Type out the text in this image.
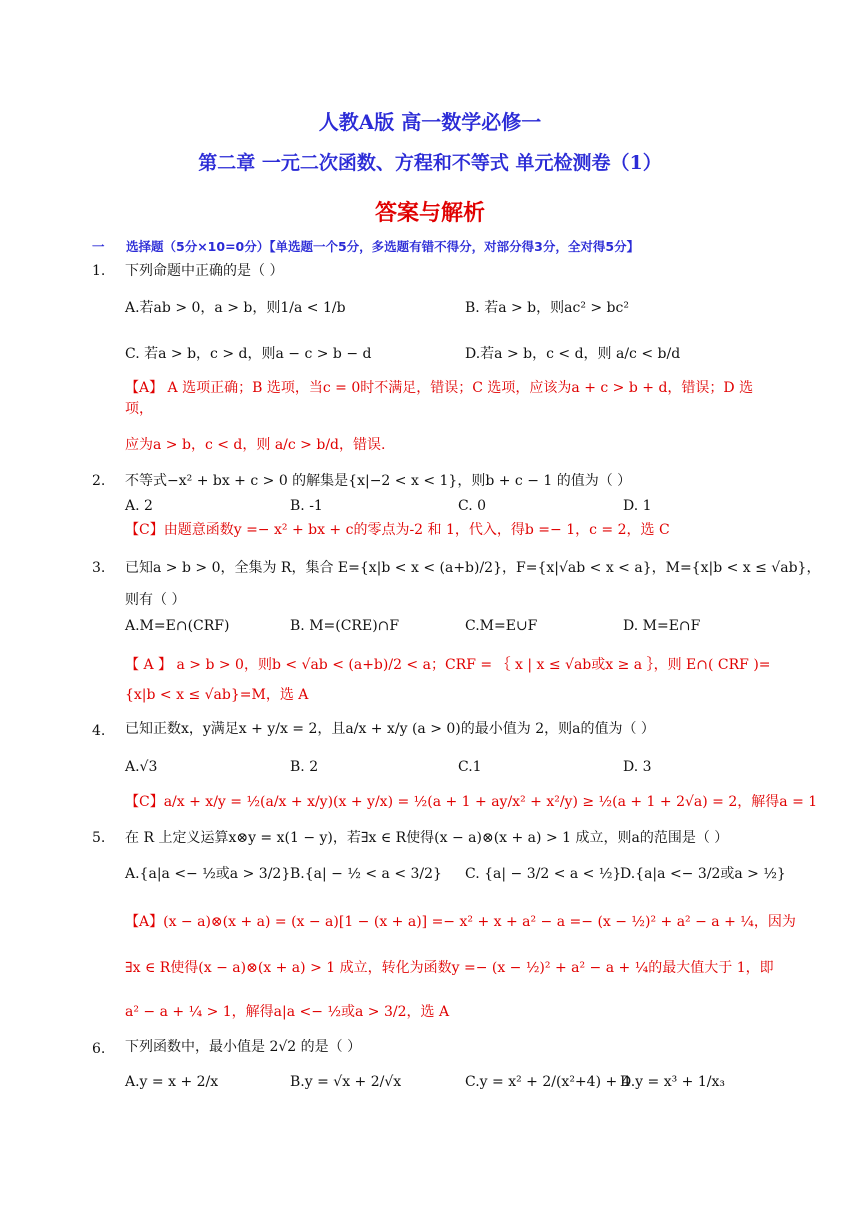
人教A版 高一数学必修一
第二章 一元二次函数、方程和不等式 单元检测卷（1）
答案与解析
一 选择题（5分×10=0分）【单选题一个5分，多选题有错不得分，对部分得3分，全对得5分】
1. 下列命题中正确的是（ ）
A.若ab > 0，a > b，则1/a < 1/b	B. 若a > b，则ac² > bc²
C. 若a > b，c > d，则a − c > b − d	D.若a > b，c < d，则 a/c < b/d
【A】 A 选项正确；B 选项，当c = 0时不满足，错误；C 选项，应该为a + c > b + d，错误；D 选
项，
应为a > b，c < d，则 a/c > b/d，错误.
2. 不等式−x² + bx + c > 0 的解集是{x|−2 < x < 1}，则b + c − 1 的值为（ ）
A. 2	B. -1	C. 0	D. 1
【C】由题意函数y =− x² + bx + c的零点为-2 和 1，代入，得b =− 1，c = 2，选 C
3. 已知a > b > 0，全集为 R，集合 E={x|b < x < (a+b)/2}，F={x|√ab < x < a}，M={x|b < x ≤ √ab}，
则有（ ）
A.M=E∩(CRF)	B. M=(CRE)∩F	C.M=E∪F	D. M=E∩F
【 A 】 a > b > 0，则b < √ab < (a+b)/2 < a；CRF = ｛ x | x ≤ √ab或x ≥ a ｝，则 E∩( CRF )=
{x|b < x ≤ √ab}=M，选 A
4. 已知正数x，y满足x + y/x = 2，且a/x + x/y (a > 0)的最小值为 2，则a的值为（ ）
A.√3	B. 2	C.1	D. 3
【C】a/x + x/y = ½(a/x + x/y)(x + y/x) = ½(a + 1 + ay/x² + x²/y) ≥ ½(a + 1 + 2√a) = 2，解得a = 1
5. 在 R 上定义运算x⊗y = x(1 − y)，若∃x ∈ R使得(x − a)⊗(x + a) > 1 成立，则a的范围是（ ）
A.{a|a <− ½或a > 3/2} B.{a| − ½ < a < 3/2} C. {a| − 3/2 < a < ½}
D.{a|a <− 3/2或a > ½}
【A】(x − a)⊗(x + a) = (x − a)[1 − (x + a)] =− x² + x + a² − a =− (x − ½)² + a² − a + ¼，因为
∃x ∈ R使得(x − a)⊗(x + a) > 1 成立，转化为函数y =− (x − ½)² + a² − a + ¼的最大值大于 1，即
a² − a + ¼ > 1，解得a|a <− ½或a > 3/2，选 A
6. 下列函数中，最小值是 2√2 的是（ ）
A.y = x + 2/x	B.y = √x + 2/√x	C.y = x² + 2/(x²+4) + 4
D.y = x³ + 1/x₃
